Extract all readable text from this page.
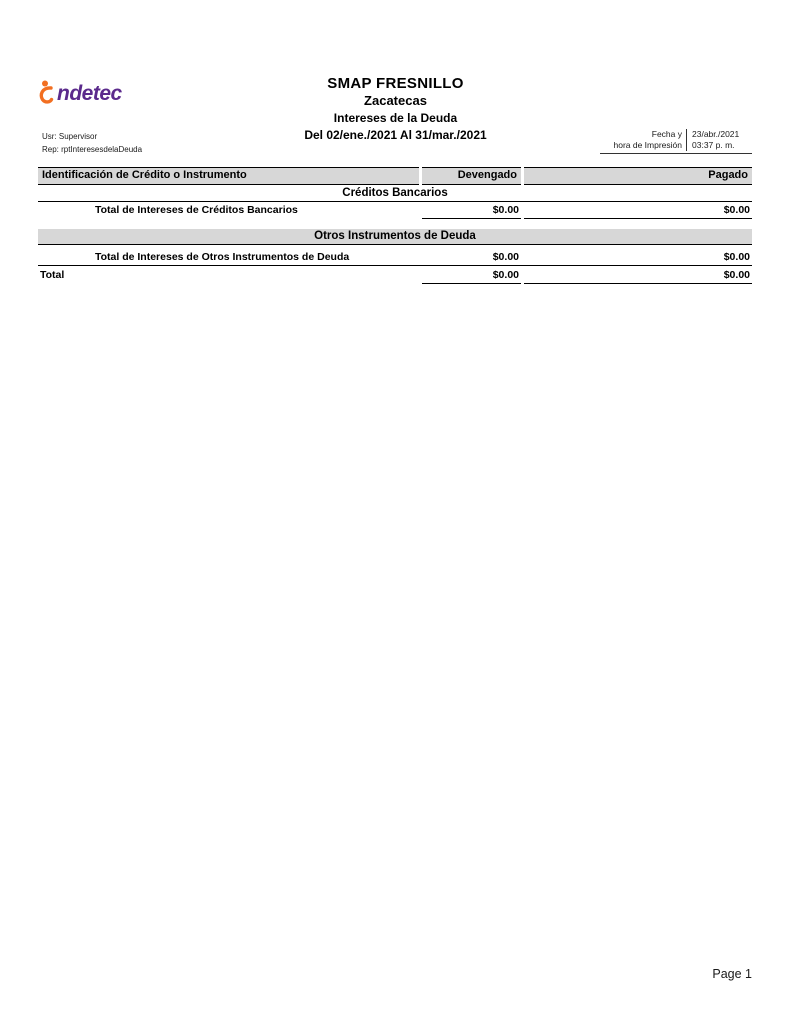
ndetec	SMAP FRESNILLO
Zacatecas
Intereses de la Deuda
Del 02/ene./2021 Al 31/mar./2021
Usr: Supervisor
Rep: rptInteresesdelaDeuda
Fecha y	23/abr./2021
hora de Impresión	03:37 p. m.
Identificación de Crédito o Instrumento	Devengado	Pagado
Créditos Bancarios
Total de Intereses de Créditos Bancarios	$0.00	$0.00
Otros Instrumentos de Deuda
Total de Intereses de Otros Instrumentos de Deuda	$0.00	$0.00
Total	$0.00	$0.00
Page 1
